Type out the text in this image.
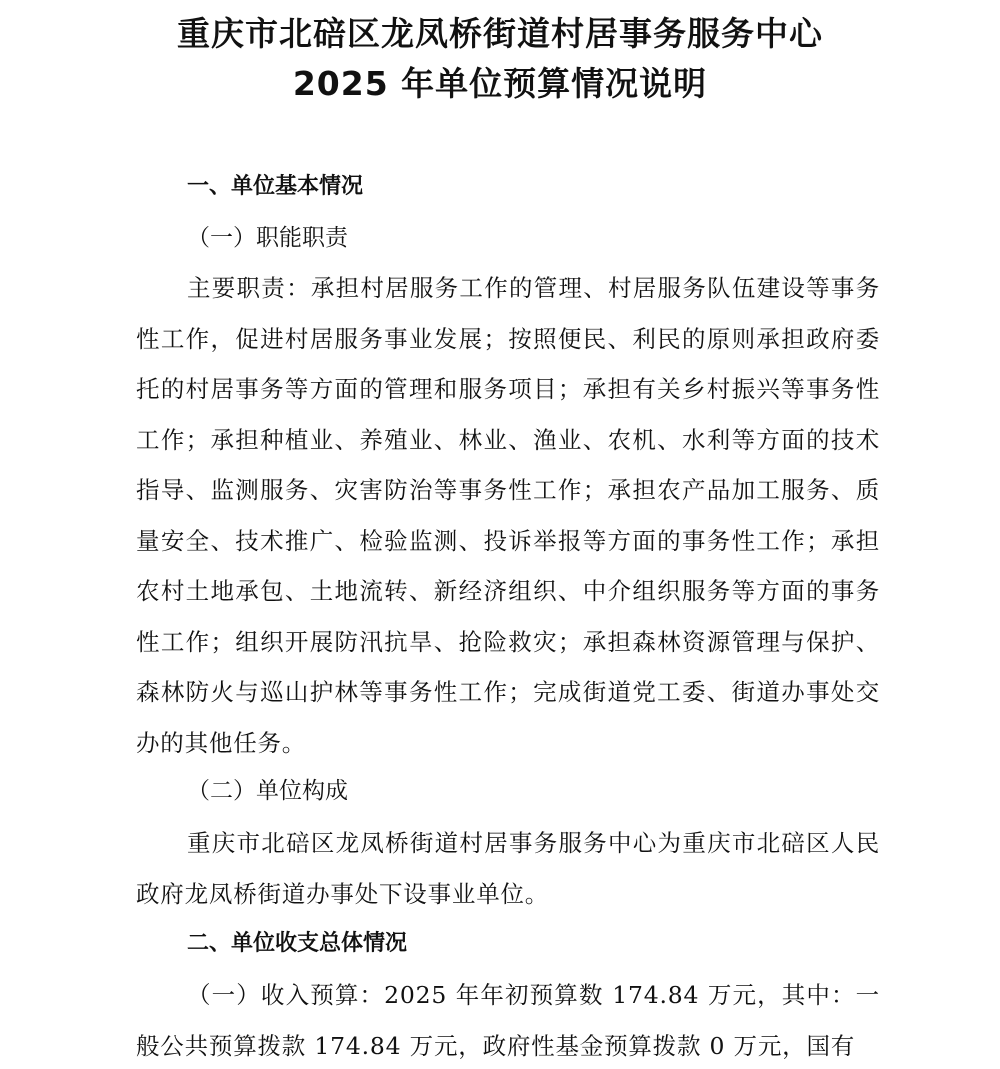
重庆市北碚区龙凤桥街道村居事务服务中心
2025 年单位预算情况说明
一、单位基本情况
（一）职能职责

主要职责：承担村居服务工作的管理、村居服务队伍建设等事务性工作，促进村居服务事业发展；按照便民、利民的原则承担政府委托的村居事务等方面的管理和服务项目；承担有关乡村振兴等事务性工作；承担种植业、养殖业、林业、渔业、农机、水利等方面的技术指导、监测服务、灾害防治等事务性工作；承担农产品加工服务、质量安全、技术推广、检验监测、投诉举报等方面的事务性工作；承担农村土地承包、土地流转、新经济组织、中介组织服务等方面的事务性工作；组织开展防汛抗旱、抢险救灾；承担森林资源管理与保护、森林防火与巡山护林等事务性工作；完成街道党工委、街道办事处交办的其他任务。

（二）单位构成

重庆市北碚区龙凤桥街道村居事务服务中心为重庆市北碚区人民政府龙凤桥街道办事处下设事业单位。

二、单位收支总体情况

（一）收入预算：2025 年年初预算数 174.84 万元，其中：一般公共预算拨款 174.84 万元，政府性基金预算拨款 0 万元，国有
